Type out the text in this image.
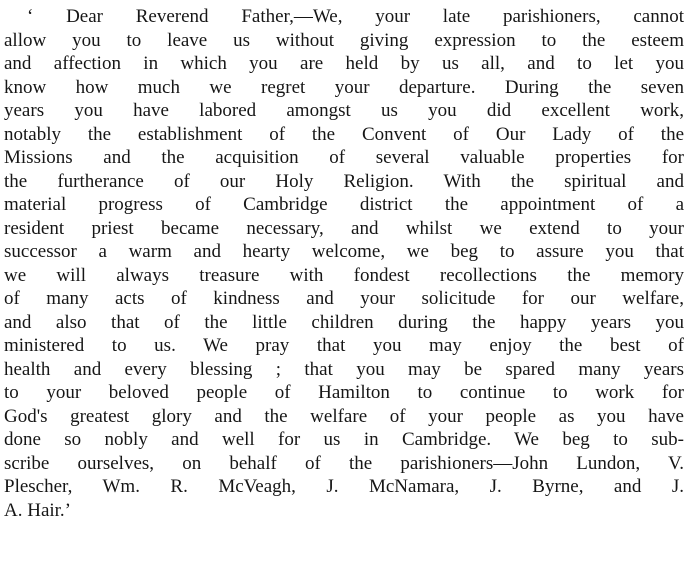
‘ Dear Reverend Father,—We, your late parishioners, cannot
allow you to leave us without giving expression to the esteem
and affection in which you are held by us all, and to let you
know how much we regret your departure. During the seven
years you have labored amongst us you did excellent work,
notably the establishment of the Convent of Our Lady of the
Missions and the acquisition of several valuable properties for
the furtherance of our Holy Religion. With the spiritual and
material progress of Cambridge district the appointment of a
resident priest became necessary, and whilst we extend to your
successor a warm and hearty welcome, we beg to assure you that
we will always treasure with fondest recollections the memory
of many acts of kindness and your solicitude for our welfare,
and also that of the little children during the happy years you
ministered to us. We pray that you may enjoy the best of
health and every blessing ; that you may be spared many years
to your beloved people of Hamilton to continue to work for
God's greatest glory and the welfare of your people as you have
done so nobly and well for us in Cambridge. We beg to sub-
scribe ourselves, on behalf of the parishioners—John Lundon, V.
Plescher, Wm. R. McVeagh, J. McNamara, J. Byrne, and J.
A. Hair.’
